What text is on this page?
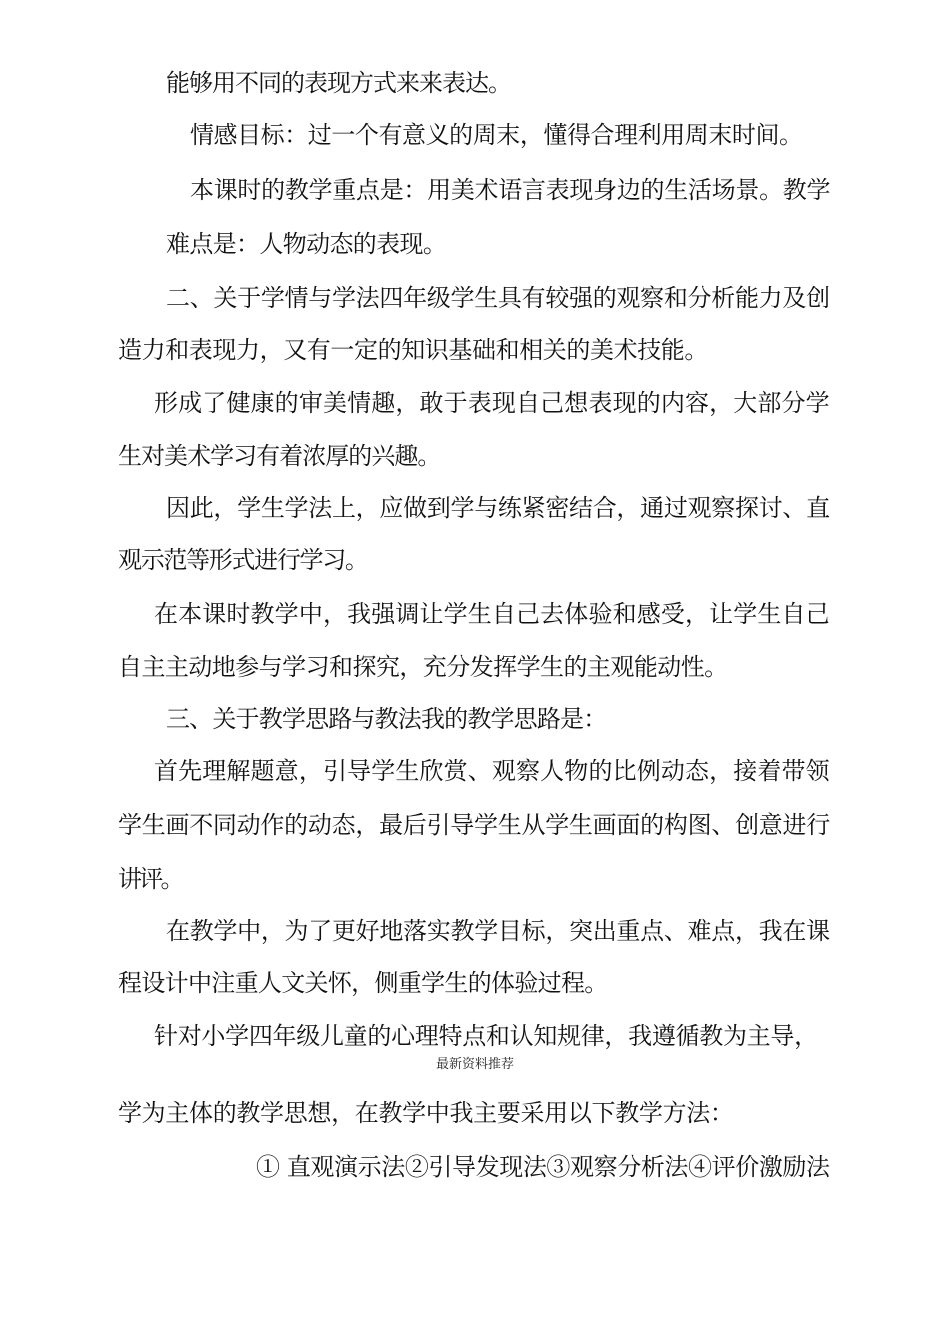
能够用不同的表现方式来来表达。
情感目标：过一个有意义的周末，懂得合理利用周末时间。
本课时的教学重点是：用美术语言表现身边的生活场景。教学
难点是：人物动态的表现。
二、关于学情与学法四年级学生具有较强的观察和分析能力及创
造力和表现力，又有一定的知识基础和相关的美术技能。
形成了健康的审美情趣，敢于表现自己想表现的内容，大部分学
生对美术学习有着浓厚的兴趣。
因此，学生学法上，应做到学与练紧密结合，通过观察探讨、直
观示范等形式进行学习。
在本课时教学中，我强调让学生自己去体验和感受，让学生自己
自主主动地参与学习和探究，充分发挥学生的主观能动性。
三、关于教学思路与教法我的教学思路是：
首先理解题意，引导学生欣赏、观察人物的比例动态，接着带领
学生画不同动作的动态，最后引导学生从学生画面的构图、创意进行
讲评。
在教学中，为了更好地落实教学目标，突出重点、难点，我在课
程设计中注重人文关怀，侧重学生的体验过程。
针对小学四年级儿童的心理特点和认知规律，我遵循教为主导，
最新资料推荐
学为主体的教学思想，在教学中我主要采用以下教学方法：
① 直观演示法②引导发现法③观察分析法④评价激励法
